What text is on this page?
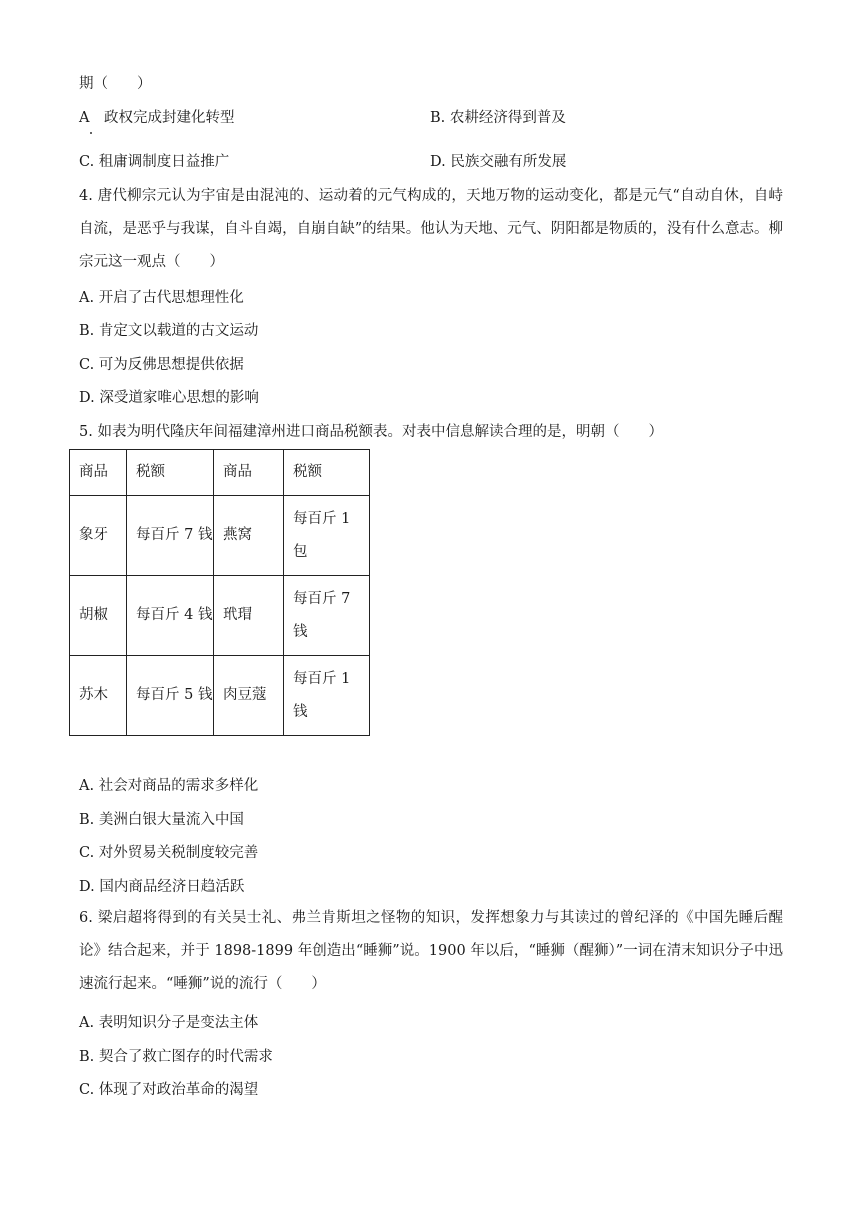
期（　　）
A　政权完成封建化转型	B. 农耕经济得到普及
C. 租庸调制度日益推广	D. 民族交融有所发展
4. 唐代柳宗元认为宇宙是由混沌的、运动着的元气构成的，天地万物的运动变化，都是元气“自动自休，自峙自流，是恶乎与我谋，自斗自竭，自崩自缺”的结果。他认为天地、元气、阴阳都是物质的，没有什么意志。柳宗元这一观点（　　）
A. 开启了古代思想理性化
B. 肯定文以载道的古文运动
C. 可为反佛思想提供依据
D. 深受道家唯心思想的影响
5. 如表为明代隆庆年间福建漳州进口商品税额表。对表中信息解读合理的是，明朝（　　）
商品	税额	商品	税额
象牙	每百斤 7 钱	燕窝	每百斤 1 包
胡椒	每百斤 4 钱	玳瑁	每百斤 7 钱
苏木	每百斤 5 钱	肉豆蔻	每百斤 1 钱
A. 社会对商品的需求多样化
B. 美洲白银大量流入中国
C. 对外贸易关税制度较完善
D. 国内商品经济日趋活跃
6. 梁启超将得到的有关吴士礼、弗兰肯斯坦之怪物的知识，发挥想象力与其读过的曾纪泽的《中国先睡后醒论》结合起来，并于 1898-1899 年创造出“睡狮”说。1900 年以后，“睡狮（醒狮）”一词在清末知识分子中迅速流行起来。“唾狮”说的流行（　　）
A. 表明知识分子是变法主体
B. 契合了救亡图存的时代需求
C. 体现了对政治革命的渴望
